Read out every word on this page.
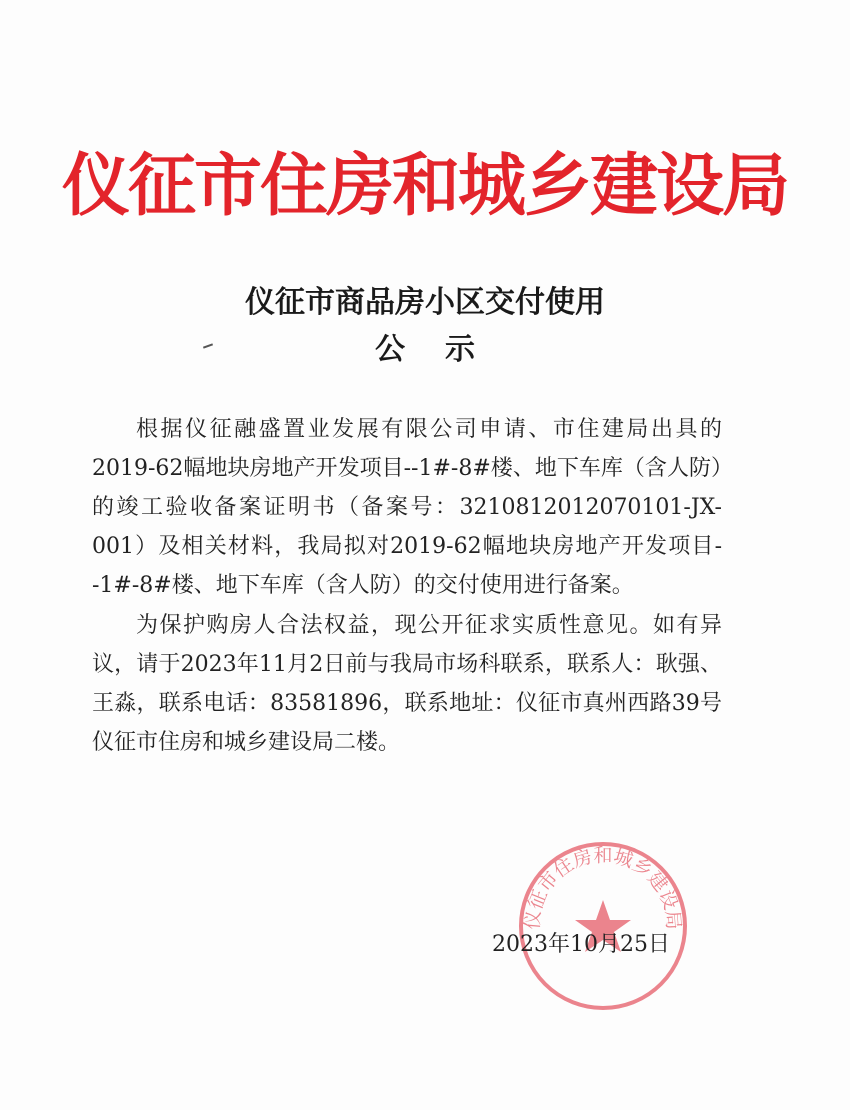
仪征市住房和城乡建设局
仪征市商品房小区交付使用
公示

根据仪征融盛置业发展有限公司申请、市住建局出具的2019-62幅地块房地产开发项目--1#-8#楼、地下车库（含人防）的竣工验收备案证明书（备案号：3210812012070101-JX-001）及相关材料，我局拟对2019-62幅地块房地产开发项目--1#-8#楼、地下车库（含人防）的交付使用进行备案。

为保护购房人合法权益，现公开征求实质性意见。如有异议，请于2023年11月2日前与我局市场科联系，联系人：耿强、王淼，联系电话：83581896，联系地址：仪征市真州西路39号仪征市住房和城乡建设局二楼。

仪征市住房和城乡建设局
2023年10月25日
